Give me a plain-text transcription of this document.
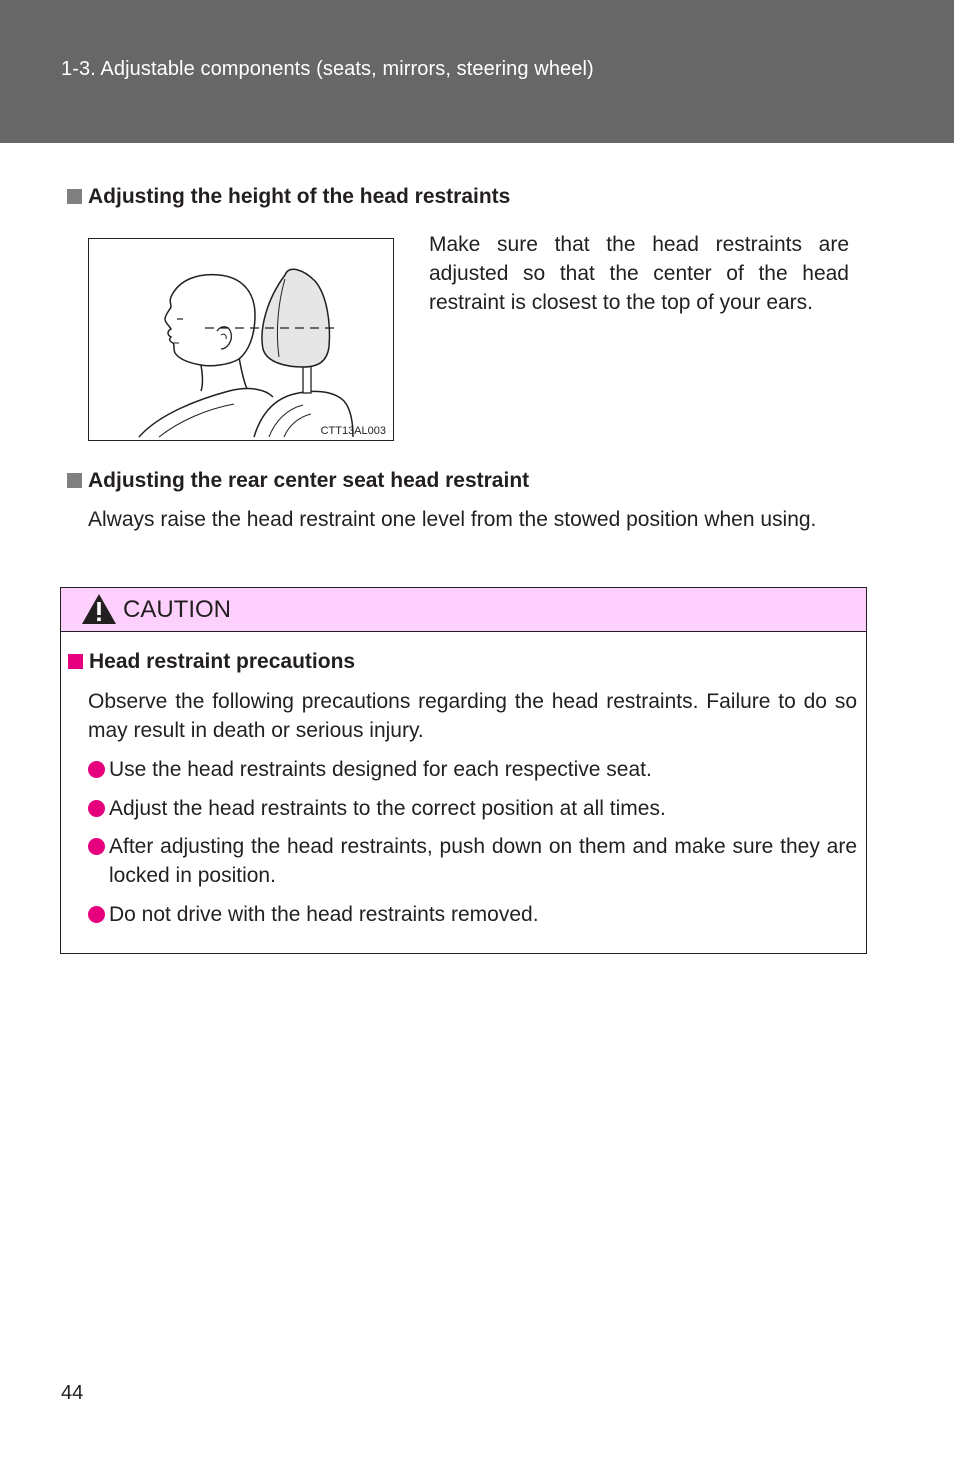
1-3. Adjustable components (seats, mirrors, steering wheel)
Adjusting the height of the head restraints
CTT13AL003
Make sure that the head restraints are adjusted so that the center of the head restraint is closest to the top of your ears.
Adjusting the rear center seat head restraint
Always raise the head restraint one level from the stowed position when using.
CAUTION
Head restraint precautions
Observe the following precautions regarding the head restraints. Failure to do so may result in death or serious injury.
Use the head restraints designed for each respective seat.
Adjust the head restraints to the correct position at all times.
After adjusting the head restraints, push down on them and make sure they are locked in position.
Do not drive with the head restraints removed.
44
